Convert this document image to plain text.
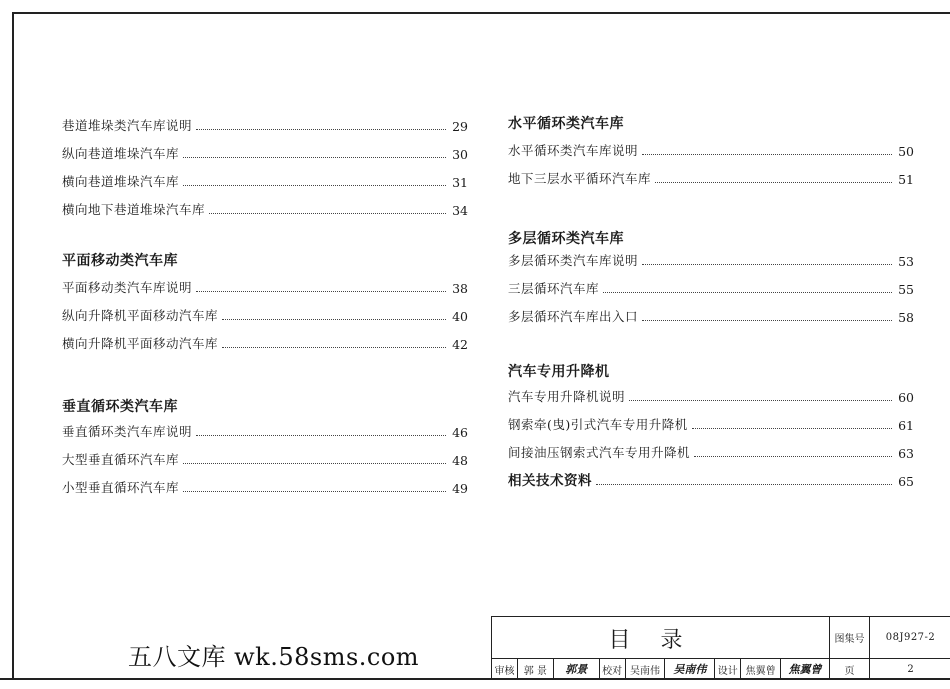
巷道堆垛类汽车库说明	29
纵向巷道堆垛汽车库	30
横向巷道堆垛汽车库	31
横向地下巷道堆垛汽车库	34
平面移动类汽车库
平面移动类汽车库说明	38
纵向升降机平面移动汽车库	40
横向升降机平面移动汽车库	42
垂直循环类汽车库
垂直循环类汽车库说明	46
大型垂直循环汽车库	48
小型垂直循环汽车库	49
水平循环类汽车库
水平循环类汽车库说明	50
地下三层水平循环汽车库	51
多层循环类汽车库
多层循环类汽车库说明	53
三层循环汽车库	55
多层循环汽车库出入口	58
汽车专用升降机
汽车专用升降机说明	60
钢索牵(曳)引式汽车专用升降机	61
间接油压钢索式汽车专用升降机	63
相关技术资料	65
五八文库 wk.58sms.com
目录	图集号	08J927-2
审核 郭 景	郭景	校对 吴南伟	吴南伟	设计 焦翼曾	焦翼曾	页	2
